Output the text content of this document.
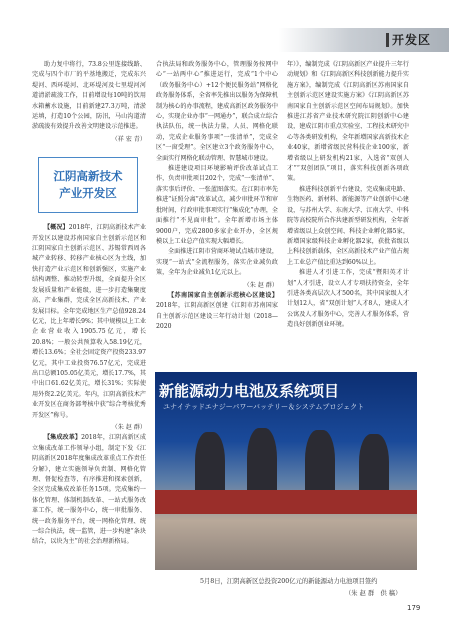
开发区

助力复中将行，73.8公里连接线路、完成与四个市厂的平基地搬迁，完成东兴堤河、西环堤河、北环堤河及七里堤河河道清淤疏浚工作，目前增设每10吨的饮用水箱蓄水设施，目前新建27.3万吨，清淤运填，打造10个公园，防汛，马山沟道清淤疏浚有效提升改善文明建设示范推进。

（祥 宏 青）
江阴高新技术
产业开发区

【概况】2018年，江阴高新技术产业开发区以建设苏南国家自主创新示范区和江阴国家自主创新示范区、苏锡常西周各城产业转移、转移产业核心区为主线，加快打造产业示范区和创新强区，实施产业结构调整、推动转型升级，全面提升全区发展质量和产业能级，进一步打造集聚度高、产业集群，完成全区高新技术、产业发展目标。全年完成地区生产总值928.24亿元，比上年增长9%；其中规模以上工业企业营业收入1905.75亿元，增长20.8%；一般公共预算收入58.19亿元，增长13.6%；全社会固定资产投资233.97亿元，其中工业投资76.57亿元，完成进出口总额105.05亿美元，增长17.7%，其中出口61.62亿美元，增长31%；实际使用外资2.2亿美元。年内，江阴高新技术产业开发区在商务部考核中获“综合考核优秀开发区”称号。

（朱 赵 群）

【集成改革】2018年，江阴高新区成立集成改革工作领导小组，制定下发《江阴高新区2018年度集成改革重点工作责任分解》，建立实施领导负责制、网格化管理、督促检查等，有序推进和探索创新，全区完成集成改革任务15项。完成集约一体化管理、体制机制改革、一站式服务改革工作，统一服务中心，统一审批服务、统一政务服务平台，统一网格化管理、统一综合执法，统一监管，进一步构建“条块结合，以块为主”的社会治理新格局。

合执法局和政务服务中心，管理服务按网中心“一站两中心”推进运行，完成“1个中心（政务服务中心）+12个便民服务站”网格化政务服务体系，全省率先推出以服务为保障机制为核心的办事流程，建成高新区政务服务中心，实现企业办事“一网通办”，联合成立综合执法队伍，统一执法力量，人员、网格化联动，完成企业服务事项“一张清单”，完成全区“一窗受理”。全区建立3个政务服务中心，全面实行网格化联动管理、智慧城市建设。

推进建设项目环境影响评价改革试点工作，负责审批项目202个，完成“一张清单”、落实事后评价、一张蓝图落实。在江阴市率先推进“证照分离”改革试点，减少审批环节和审批时间，行政审批事项实行“集成化”办理，全面推行“不见面审批”。全年新增市场主体9000户，完成2800多家企业开办，全区规模以上工业总产值实现大幅增长。

全面推进江阴市营商环境试点城市建设，实现“一站式”全流程服务，落实企业减负政策，全年为企业减负1亿元以上。

（朱 赵 群）

【苏南国家自主创新示范核心区建设】2018年，江阴高新区创建《江阴市苏南国家自主创新示范区建设三年行动计划（2018—2020

年）》，编制完成《江阴高新区产业提升三年行动规划》和《江阴高新区科技创新能力提升实施方案》，编制完成《江阴高新区苏南国家自主创新示范区建设实施方案》《江阴高新区苏南国家自主创新示范区空间布局规划》。加快推进江苏省产业技术研究院江阴创新中心建设，建成江阴市重点实验室、工程技术研究中心等各类研发机构，全年新增国家高新技术企业40家，新增省级民营科技企业100家，新增省级以上研发机构21家，入选省“双创人才”“双创团队”项目，落实科技创新各项政策。

推进科技创新平台建设，完成集成电路、生物医药、新材料、新能源等产业创新中心建设，与苏州大学、东南大学、江南大学、中科院等高校院所合作共建新型研发机构，全年新增省级以上众创空间、科技企业孵化器5家，新增国家级科技企业孵化器2家，获批省级以上科技创新载体，全区高新技术产业产值占规上工业总产值比重达到60%以上。

推进人才引进工作，完成“暨阳英才计划”人才引进，设立人才专项扶持资金，全年引进各类高层次人才500名，其中国家级人才计划12人，省“双创计划”人才8人，建成人才公寓及人才服务中心，完善人才服务体系，营造良好创新创业环境。

新能源动力电池及系统项目
ユナイテッドエナジーパワーバッテリー＆システムプロジェクト
5月8日，江阴高新区总投资200亿元的新能源动力电池项目签约
（朱 赵 群　供 稿）
179
